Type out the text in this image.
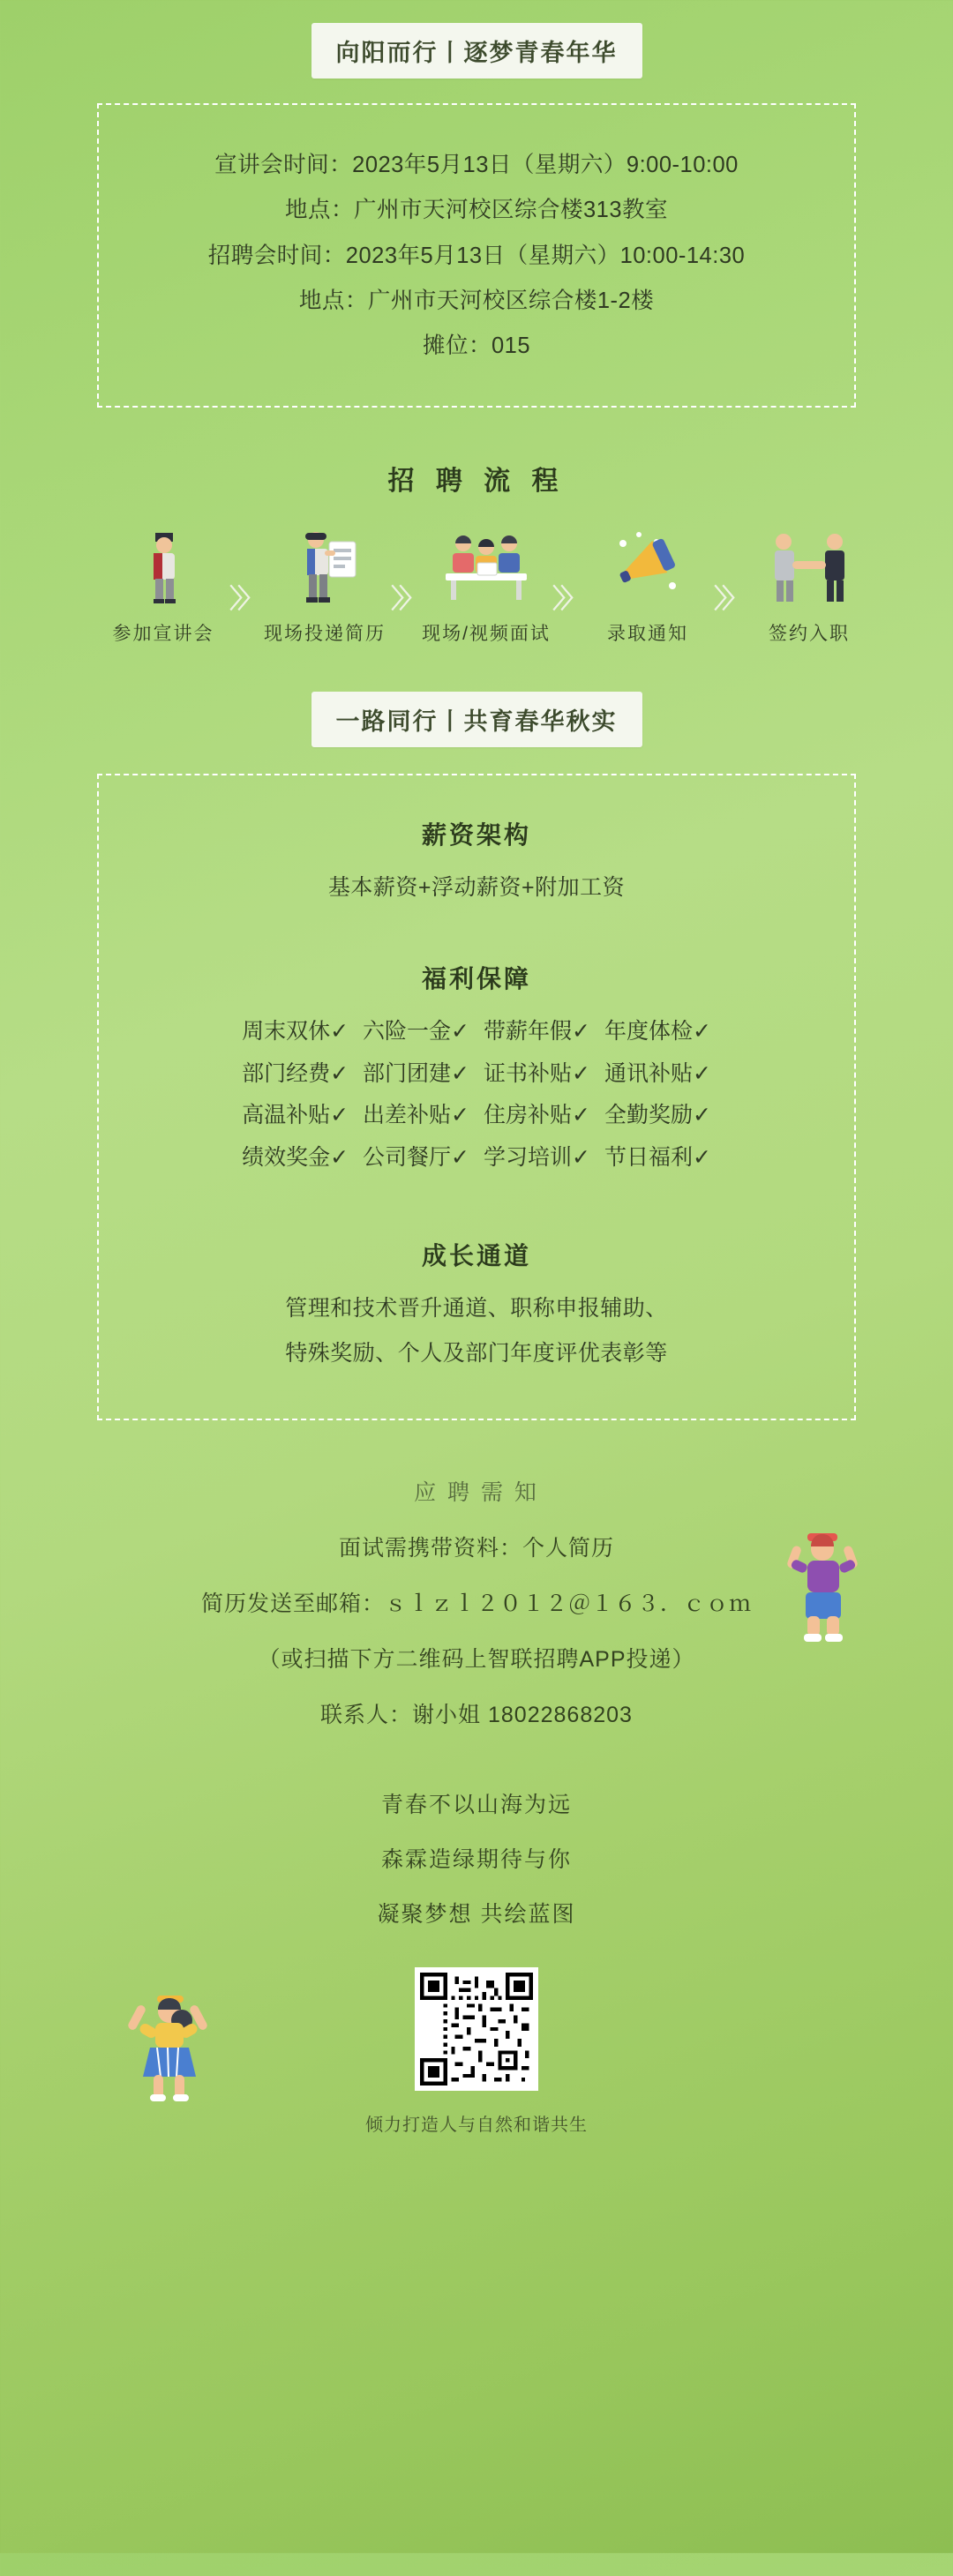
向阳而行丨逐梦青春年华
宣讲会时间：2023年5月13日（星期六）9:00-10:00
地点：广州市天河校区综合楼313教室
招聘会时间：2023年5月13日（星期六）10:00-14:30
地点：广州市天河校区综合楼1-2楼
摊位：015
招 聘 流 程
参加宣讲会
〉〉
现场投递简历
〉〉
现场/视频面试
〉〉
录取通知
〉〉
签约入职
一路同行丨共育春华秋实
薪资架构
基本薪资+浮动薪资+附加工资
福利保障
周末双休✓ 六险一金✓ 带薪年假✓ 年度体检✓
部门经费✓ 部门团建✓ 证书补贴✓ 通讯补贴✓
高温补贴✓ 出差补贴✓ 住房补贴✓ 全勤奖励✓
绩效奖金✓ 公司餐厅✓ 学习培训✓ 节日福利✓
成长通道
管理和技术晋升通道、职称申报辅助、
特殊奖励、个人及部门年度评优表彰等
应 聘 需 知
面试需携带资料：个人简历
简历发送至邮箱：ｓｌｚｌ２０１２＠１６３．ｃｏｍ
（或扫描下方二维码上智联招聘APP投递）
联系人：谢小姐 18022868203
青春不以山海为远
森霖造绿期待与你
凝聚梦想 共绘蓝图
倾力打造人与自然和谐共生
